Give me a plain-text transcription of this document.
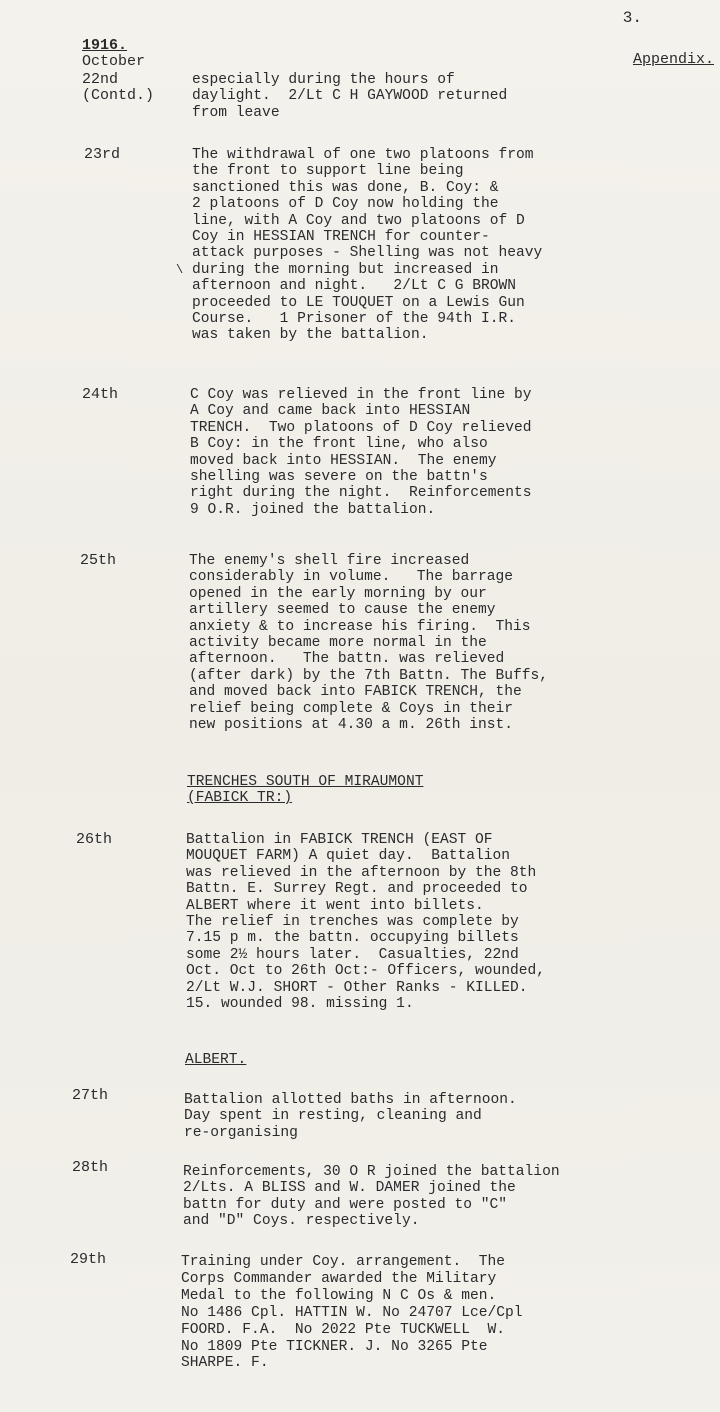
3.
1916.
October	Appendix.
22nd
(Contd.)
especially during the hours of
daylight.  2/Lt C H GAYWOOD returned
from leave
23rd	The withdrawal of one two platoons from
the front to support line being
sanctioned this was done, B. Coy: &
2 platoons of D Coy now holding the
line, with A Coy and two platoons of D
Coy in HESSIAN TRENCH for counter-
attack purposes - Shelling was not heavy
during the morning but increased in
afternoon and night.   2/Lt C G BROWN
proceeded to LE TOUQUET on a Lewis Gun
Course.   1 Prisoner of the 94th I.R.
was taken by the battalion.
\
24th	C Coy was relieved in the front line by
A Coy and came back into HESSIAN
TRENCH.  Two platoons of D Coy relieved
B Coy: in the front line, who also
moved back into HESSIAN.  The enemy
shelling was severe on the battn's
right during the night.  Reinforcements
9 O.R. joined the battalion.
25th	The enemy's shell fire increased
considerably in volume.   The barrage
opened in the early morning by our
artillery seemed to cause the enemy
anxiety & to increase his firing.  This
activity became more normal in the
afternoon.   The battn. was relieved
(after dark) by the 7th Battn. The Buffs,
and moved back into FABICK TRENCH, the
relief being complete & Coys in their
new positions at 4.30 a m. 26th inst.
TRENCHES SOUTH OF MIRAUMONT
(FABICK TR:)
26th	Battalion in FABICK TRENCH (EAST OF
MOUQUET FARM) A quiet day.  Battalion
was relieved in the afternoon by the 8th
Battn. E. Surrey Regt. and proceeded to
ALBERT where it went into billets.
The relief in trenches was complete by
7.15 p m. the battn. occupying billets
some 2½ hours later.  Casualties, 22nd
Oct. Oct to 26th Oct:- Officers, wounded,
2/Lt W.J. SHORT - Other Ranks - KILLED.
15. wounded 98. missing 1.
ALBERT.
27th	Battalion allotted baths in afternoon.
Day spent in resting, cleaning and
re-organising
28th	Reinforcements, 30 O R joined the battalion
2/Lts. A BLISS and W. DAMER joined the
battn for duty and were posted to "C"
and "D" Coys. respectively.
29th	Training under Coy. arrangement.  The
Corps Commander awarded the Military
Medal to the following N C Os & men.
No 1486 Cpl. HATTIN W. No 24707 Lce/Cpl
FOORD. F.A.  No 2022 Pte TUCKWELL  W.
No 1809 Pte TICKNER. J. No 3265 Pte
SHARPE. F.
